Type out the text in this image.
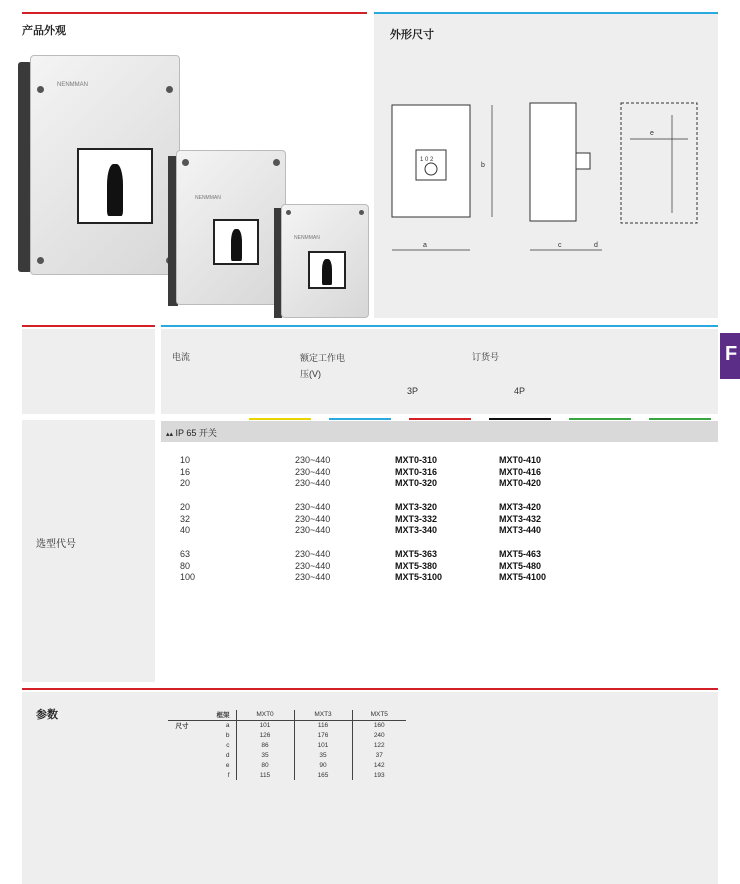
产品外观
NENMMAN
NENMMAN
NENMMAN
外形尺寸
1 0 2
a
b
c	d
e
电流	额定工作电压(V)
订货号
3P	4P
F
选型代号
▴▴ IP 65 开关
10	230~440	MXT0-310	MXT0-410
16	230~440	MXT0-316	MXT0-416
20	230~440	MXT0-320	MXT0-420
20	230~440	MXT3-320	MXT3-420
32	230~440	MXT3-332	MXT3-432
40	230~440	MXT3-340	MXT3-440
63	230~440	MXT5-363	MXT5-463
80	230~440	MXT5-380	MXT5-480
100	230~440	MXT5-3100	MXT5-4100
参数
		框架	MXT0	MXT3	MXT5
尺寸	a	101	116	160
	b	126	176	240
	c	86	101	122
	d	35	35	37
	e	80	90	142
	f	115	165	193
